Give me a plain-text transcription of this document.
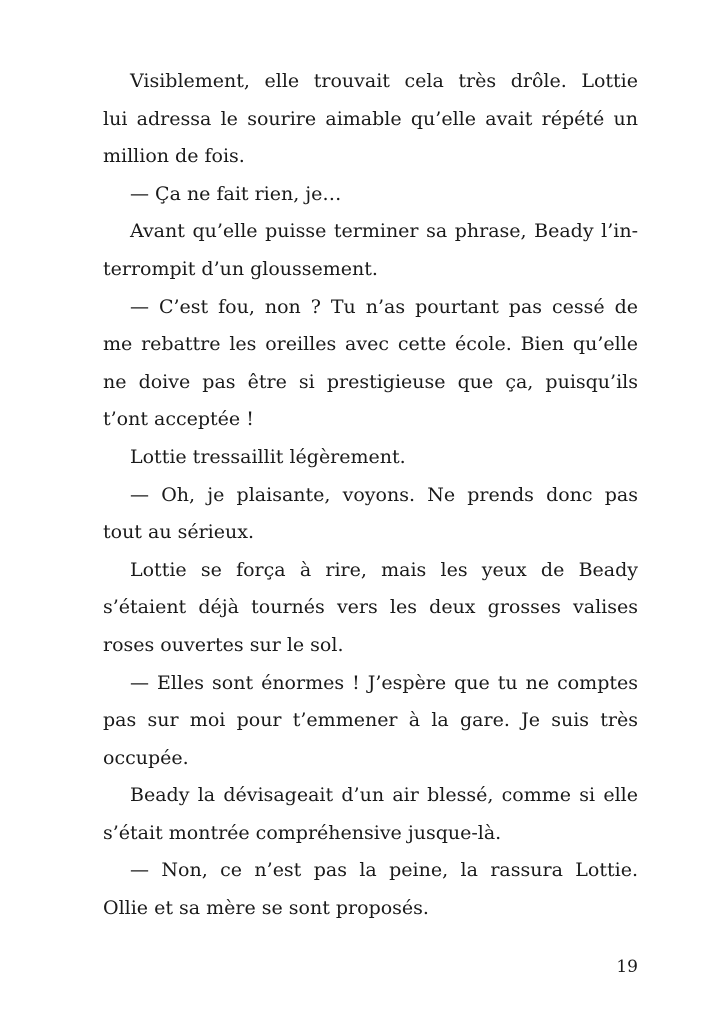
Visiblement, elle trouvait cela très drôle. Lottie
lui adressa le sourire aimable qu’elle avait répété un
million de fois.
— Ça ne fait rien, je…
Avant qu’elle puisse terminer sa phrase, Beady l’in-
terrompit d’un gloussement.
— C’est fou, non ? Tu n’as pourtant pas cessé de
me rebattre les oreilles avec cette école. Bien qu’elle
ne doive pas être si prestigieuse que ça, puisqu’ils
t’ont acceptée !
Lottie tressaillit légèrement.
— Oh, je plaisante, voyons. Ne prends donc pas
tout au sérieux.
Lottie se força à rire, mais les yeux de Beady
s’étaient déjà tournés vers les deux grosses valises
roses ouvertes sur le sol.
— Elles sont énormes ! J’espère que tu ne comptes
pas sur moi pour t’emmener à la gare. Je suis très
occupée.
Beady la dévisageait d’un air blessé, comme si elle
s’était montrée compréhensive jusque-là.
— Non, ce n’est pas la peine, la rassura Lottie.
Ollie et sa mère se sont proposés.
19
